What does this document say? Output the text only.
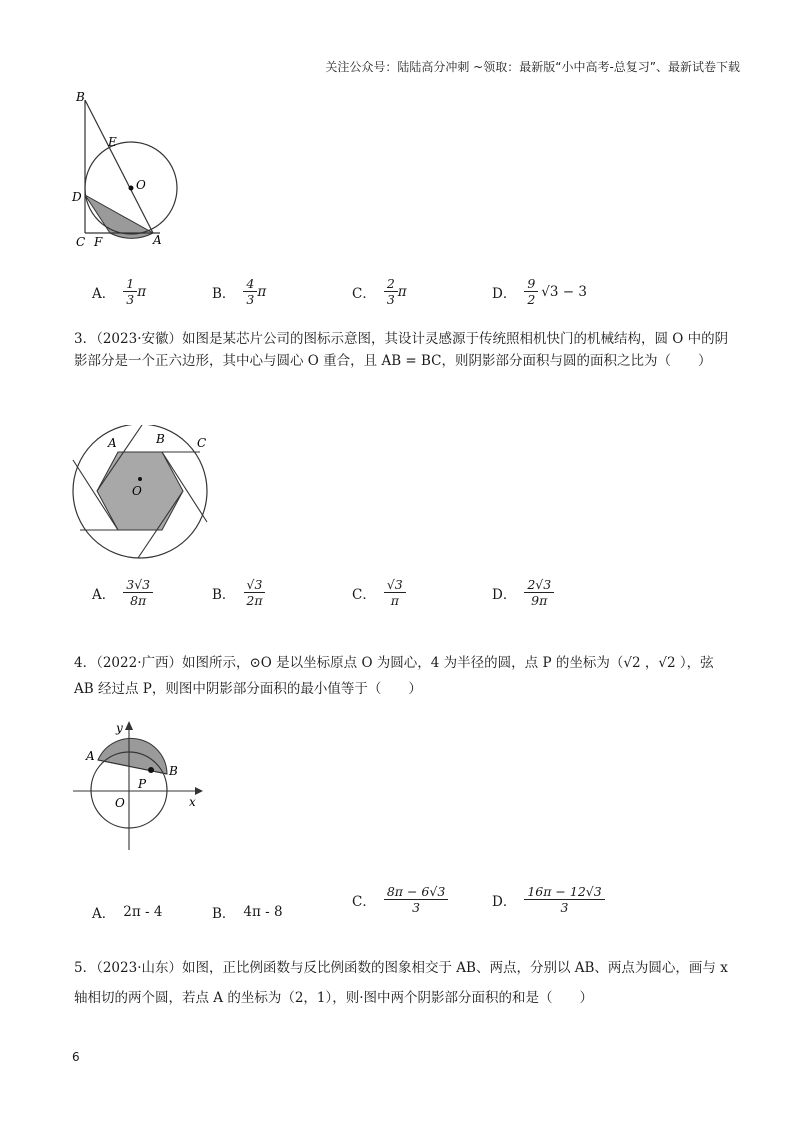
关注公众号：陆陆高分冲刺 ~领取：最新版“小中高考-总复习”、最新试卷下载
B
E
O
D
C F	A
A． $\frac{1}{3}$ π	B． $\frac{4}{3}$ π	C． $\frac{2}{3}$ π	D． $\frac{9}{2} √3 - 3$
3．（2023·安徽）如图是某芯片公司的图标示意图，其设计灵感源于传统照相机快门的机械结构，圆 O 中的阴影部分是一个正六边形，其中心与圆心 O 重合，且 AB = BC，则阴影部分面积与圆的面积之比为（　　）
A	B	C
O
A． $\frac{3√3}{8\pi}$	B． $\frac{√3}{2\pi}$	C． $\frac{√3}{\pi}$	D． $\frac{2√3}{9\pi}$
4．（2022·广西）如图所示，⊙O 是以坐标原点 O 为圆心，4 为半径的圆，点 P 的坐标为（√2 ，√2 ），弦 AB 经过点 P，则图中阴影部分面积的最小值等于（　　）
y
x
A
B
P
O
A． 2π - 4	B． 4π - 8
C． $\frac{8\pi - 6√3}{3}$	D． $\frac{16\pi - 12√3}{3}$
5．（2023·山东）如图，正比例函数与反比例函数的图象相交于 AB、两点，分别以 AB、两点为圆心，画与 x 轴相切的两个圆，若点 A 的坐标为（2，1），则·图中两个阴影部分面积的和是（　　）
6
